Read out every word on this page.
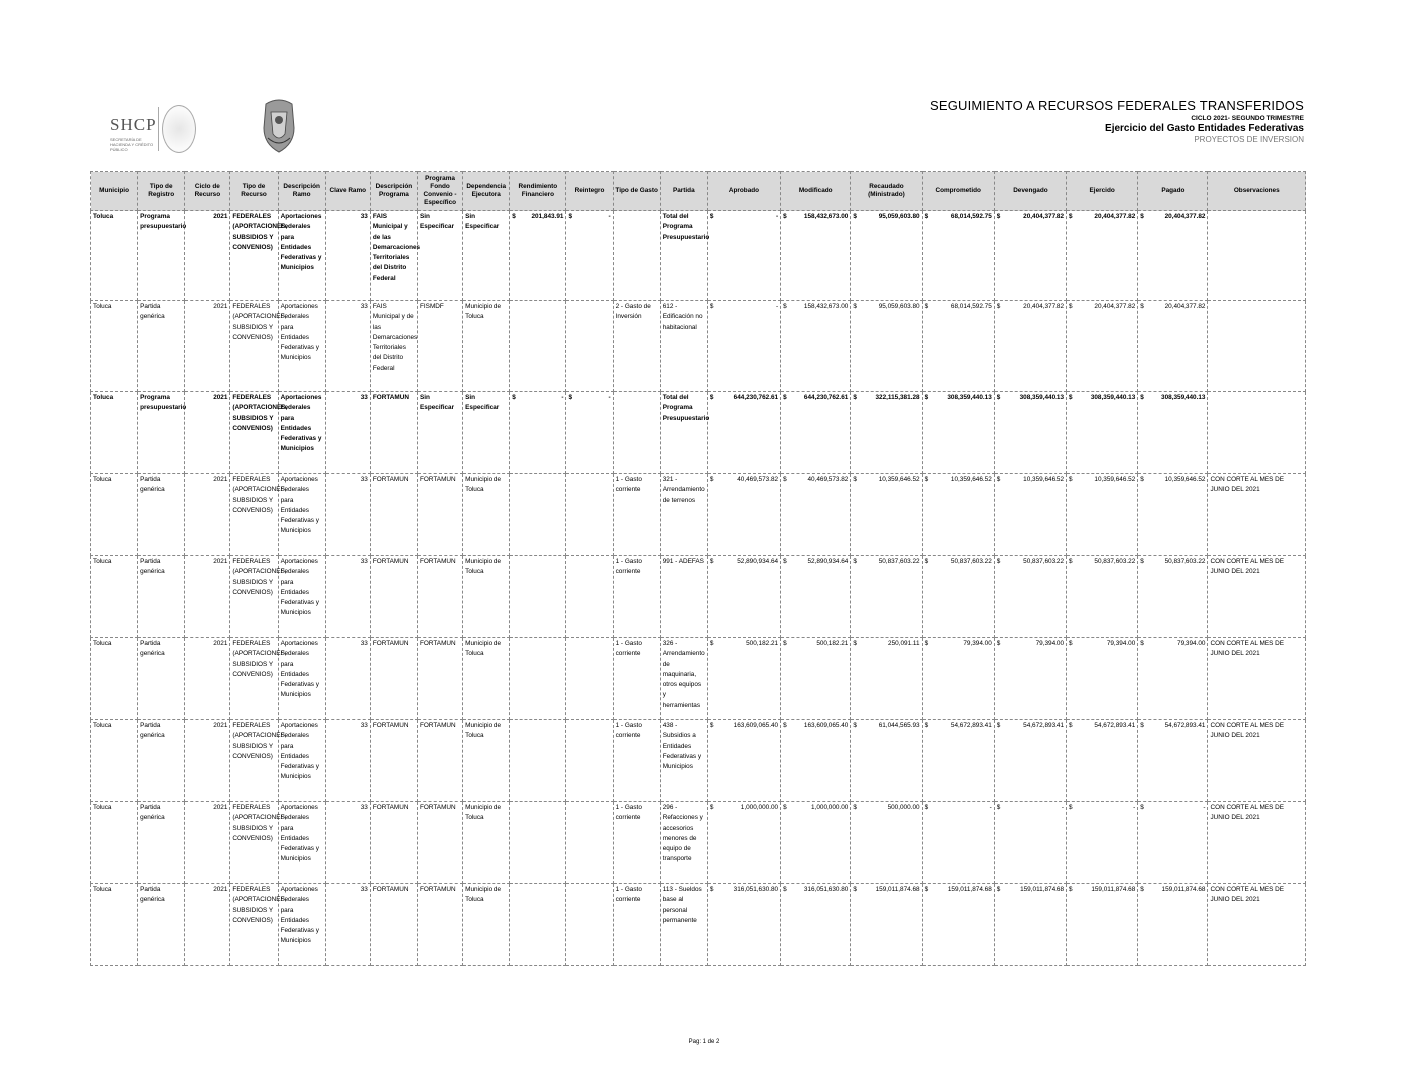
SHCP
SECRETARÍA DE HACIENDA Y CRÉDITO PÚBLICO
SEGUIMIENTO A RECURSOS FEDERALES TRANSFERIDOS
CICLO 2021- SEGUNDO TRIMESTRE
Ejercicio del Gasto Entidades Federativas
PROYECTOS DE INVERSION
Municipio	Tipo de Registro	Ciclo de Recurso	Tipo de Recurso	Descripción Ramo	Clave Ramo	Descripción Programa	Programa Fondo Convenio - Específico	Dependencia Ejecutora	Rendimiento Financiero	Reintegro	Tipo de Gasto	Partida	Aprobado	Modificado	Recaudado (Ministrado)	Comprometido	Devengado	Ejercido	Pagado	Observaciones
Toluca	Programa presupuestario	2021	FEDERALES (APORTACIONES, SUBSIDIOS Y CONVENIOS)	Aportaciones Federales para Entidades Federativas y Municipios	33	FAIS Municipal y de las Demarcaciones Territoriales del Distrito Federal	Sin Especificar	Sin Especificar	$ 201,843.91	$ -		Total del Programa Presupuestario	$ -	$ 158,432,673.00	$ 95,059,603.80	$ 68,014,592.75	$ 20,404,377.82	$ 20,404,377.82	$ 20,404,377.82	

Toluca	Partida genérica	2021	FEDERALES (APORTACIONES, SUBSIDIOS Y CONVENIOS)	Aportaciones Federales para Entidades Federativas y Municipios	33	FAIS Municipal y de las Demarcaciones Territoriales del Distrito Federal	FISMDF	Municipio de Toluca			2 - Gasto de Inversión	612 - Edificación no habitacional	$ -	$ 158,432,673.00	$ 95,059,603.80	$ 68,014,592.75	$ 20,404,377.82	$ 20,404,377.82	$ 20,404,377.82	

Toluca	Programa presupuestario	2021	FEDERALES (APORTACIONES, SUBSIDIOS Y CONVENIOS)	Aportaciones Federales para Entidades Federativas y Municipios	33	FORTAMUN	Sin Especificar	Sin Especificar	$ -	$ -		Total del Programa Presupuestario	$ 644,230,762.61	$ 644,230,762.61	$ 322,115,381.28	$ 308,359,440.13	$ 308,359,440.13	$ 308,359,440.13	$ 308,359,440.13	

Toluca	Partida genérica	2021	FEDERALES (APORTACIONES, SUBSIDIOS Y CONVENIOS)	Aportaciones Federales para Entidades Federativas y Municipios	33	FORTAMUN	FORTAMUN	Municipio de Toluca			1 - Gasto corriente	321 - Arrendamiento de terrenos	$ 40,469,573.82	$ 40,469,573.82	$ 10,359,646.52	$ 10,359,646.52	$ 10,359,646.52	$ 10,359,646.52	$ 10,359,646.52	CON CORTE AL MES DE JUNIO DEL 2021
Toluca	Partida genérica	2021	FEDERALES (APORTACIONES, SUBSIDIOS Y CONVENIOS)	Aportaciones Federales para Entidades Federativas y Municipios	33	FORTAMUN	FORTAMUN	Municipio de Toluca			1 - Gasto corriente	991 - ADEFAS	$ 52,890,934.64	$ 52,890,934.64	$ 50,837,603.22	$ 50,837,603.22	$ 50,837,603.22	$ 50,837,603.22	$ 50,837,603.22	CON CORTE AL MES DE JUNIO DEL 2021
Toluca	Partida genérica	2021	FEDERALES (APORTACIONES, SUBSIDIOS Y CONVENIOS)	Aportaciones Federales para Entidades Federativas y Municipios	33	FORTAMUN	FORTAMUN	Municipio de Toluca			1 - Gasto corriente	326 - Arrendamiento de maquinaria, otros equipos y herramientas	$ 500,182.21	$ 500,182.21	$ 250,091.11	$ 79,394.00	$ 79,394.00	$ 79,394.00	$ 79,394.00	CON CORTE AL MES DE JUNIO DEL 2021
Toluca	Partida genérica	2021	FEDERALES (APORTACIONES, SUBSIDIOS Y CONVENIOS)	Aportaciones Federales para Entidades Federativas y Municipios	33	FORTAMUN	FORTAMUN	Municipio de Toluca			1 - Gasto corriente	438 - Subsidios a Entidades Federativas y Municipios	$ 163,609,065.40	$ 163,609,065.40	$ 61,044,565.93	$ 54,672,893.41	$ 54,672,893.41	$ 54,672,893.41	$ 54,672,893.41	CON CORTE AL MES DE JUNIO DEL 2021
Toluca	Partida genérica	2021	FEDERALES (APORTACIONES, SUBSIDIOS Y CONVENIOS)	Aportaciones Federales para Entidades Federativas y Municipios	33	FORTAMUN	FORTAMUN	Municipio de Toluca			1 - Gasto corriente	296 - Refacciones y accesorios menores de equipo de transporte	$ 1,000,000.00	$ 1,000,000.00	$ 500,000.00	$ -	$ -	$ -	$ -	CON CORTE AL MES DE JUNIO DEL 2021
Toluca	Partida genérica	2021	FEDERALES (APORTACIONES, SUBSIDIOS Y CONVENIOS)	Aportaciones Federales para Entidades Federativas y Municipios	33	FORTAMUN	FORTAMUN	Municipio de Toluca			1 - Gasto corriente	113 - Sueldos base al personal permanente	$ 316,051,630.80	$ 316,051,630.80	$ 159,011,874.68	$ 159,011,874.68	$ 159,011,874.68	$ 159,011,874.68	$ 159,011,874.68	CON CORTE AL MES DE JUNIO DEL 2021
Pag: 1 de 2
